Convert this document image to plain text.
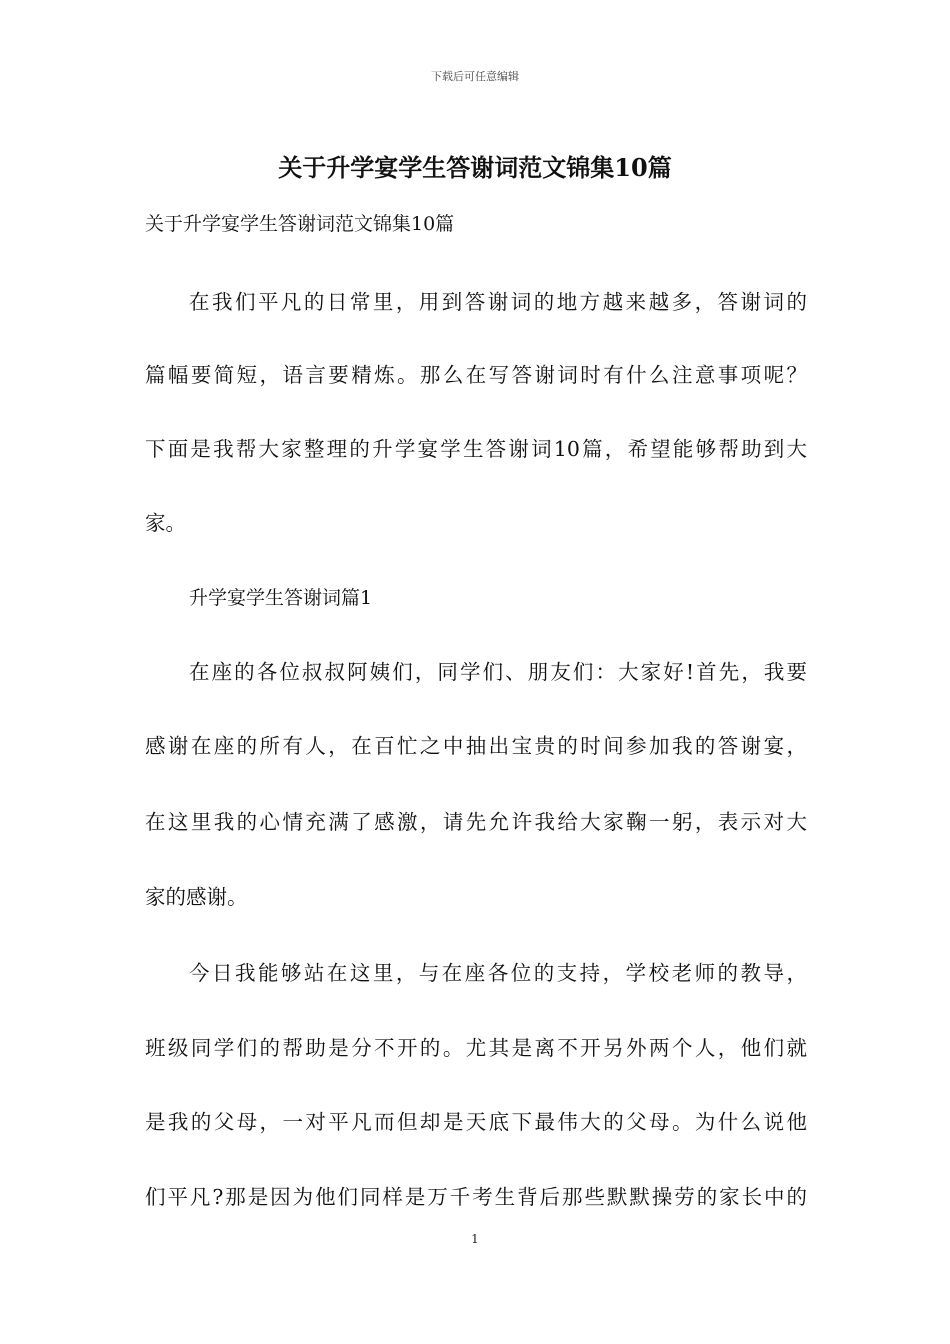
下载后可任意编辑
关于升学宴学生答谢词范文锦集10篇
关于升学宴学生答谢词范文锦集10篇
在我们平凡的日常里，用到答谢词的地方越来越多，答谢词的
篇幅要简短，语言要精炼。那么在写答谢词时有什么注意事项呢？
下面是我帮大家整理的升学宴学生答谢词10篇，希望能够帮助到大
家。
升学宴学生答谢词篇1
在座的各位叔叔阿姨们，同学们、朋友们：大家好!首先，我要
感谢在座的所有人，在百忙之中抽出宝贵的时间参加我的答谢宴，
在这里我的心情充满了感激，请先允许我给大家鞠一躬，表示对大
家的感谢。
今日我能够站在这里，与在座各位的支持，学校老师的教导，
班级同学们的帮助是分不开的。尤其是离不开另外两个人，他们就
是我的父母，一对平凡而但却是天底下最伟大的父母。为什么说他
们平凡?那是因为他们同样是万千考生背后那些默默操劳的家长中的
1
